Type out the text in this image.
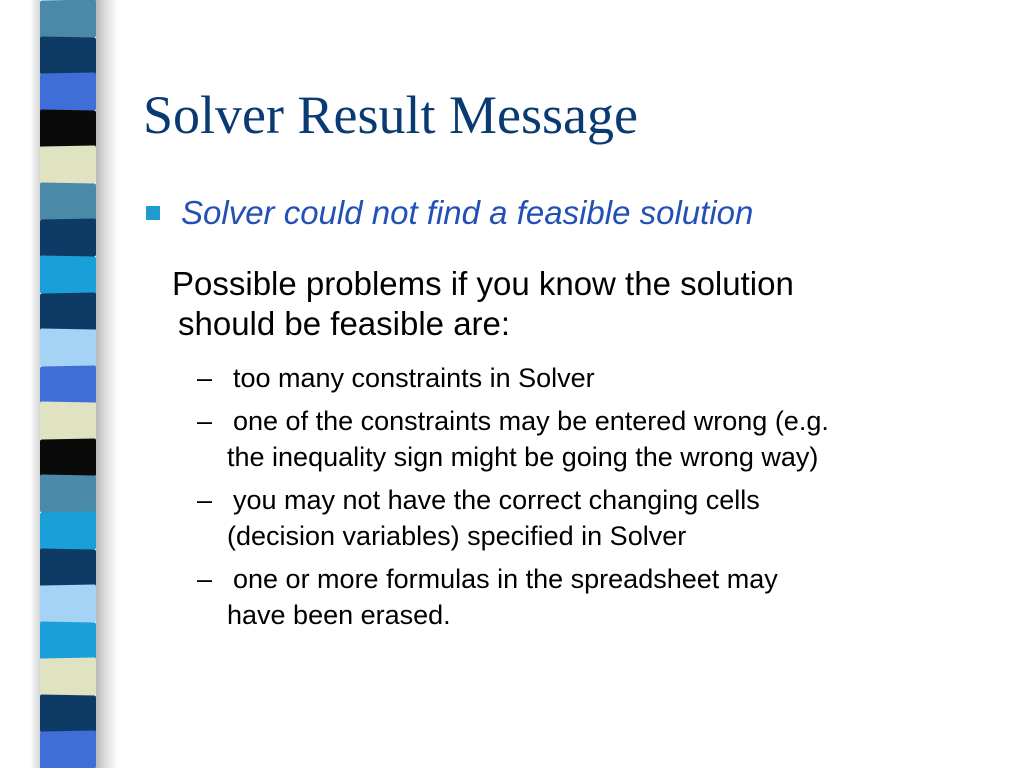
Solver Result Message
Solver could not find a feasible solution

Possible problems if you know the solution
should be feasible are:

– too many constraints in Solver
– one of the constraints may be entered wrong (e.g.
the inequality sign might be going the wrong way)
– you may not have the correct changing cells
(decision variables) specified in Solver
– one or more formulas in the spreadsheet may
have been erased.
